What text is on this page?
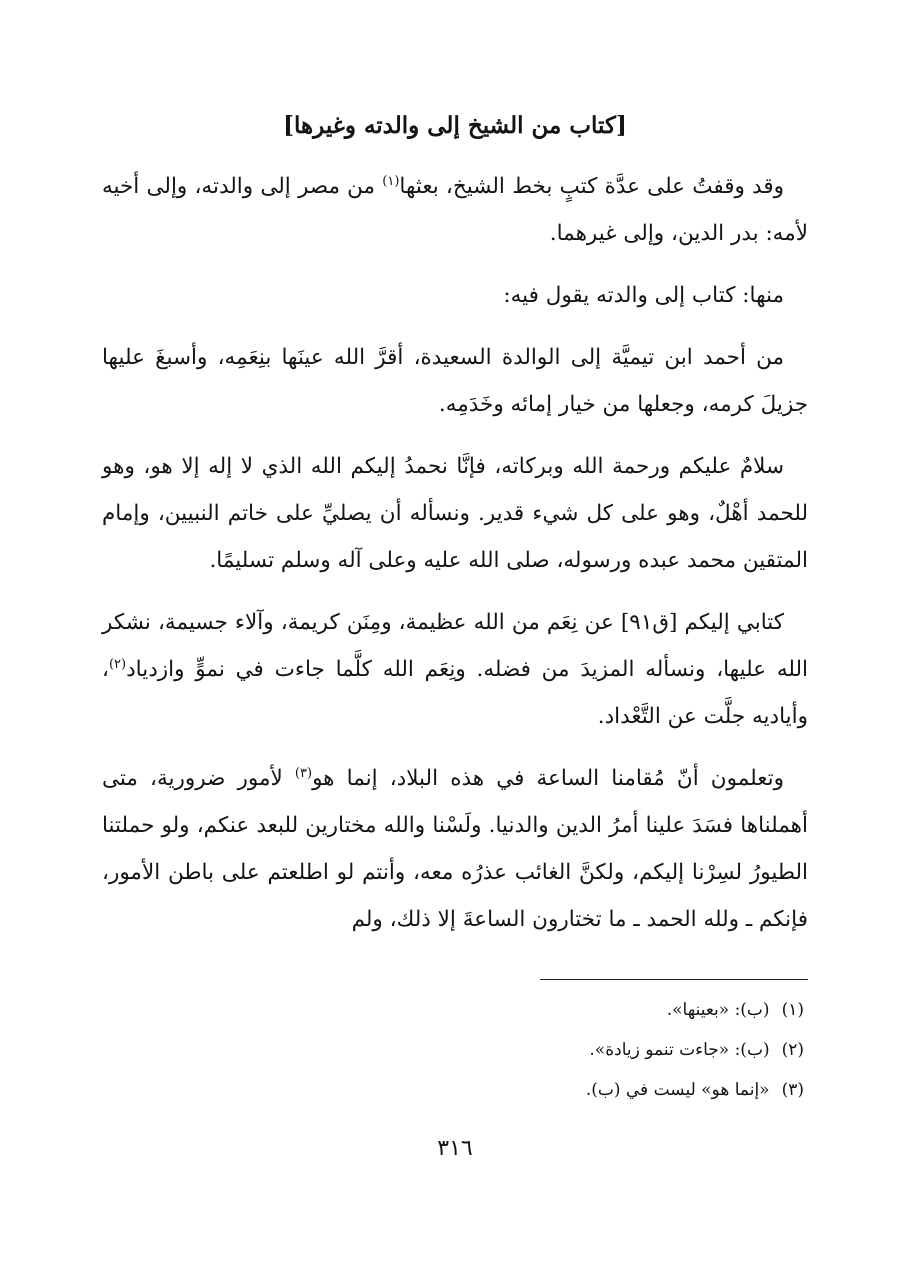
[كتاب من الشيخ إلى والدته وغيرها]

وقد وقفتُ على عدَّة كتبٍ بخط الشيخ، بعثها$^{(١)}$ من مصر إلى والدته، وإلى أخيه لأمه: بدر الدين، وإلى غيرهما.

منها: كتاب إلى والدته يقول فيه:

من أحمد ابن تيميَّة إلى الوالدة السعيدة، أقرَّ الله عينَها بنِعَمِه، وأسبغَ عليها جزيلَ كرمه، وجعلها من خيار إمائه وخَدَمِه.

سلامٌ عليكم ورحمة الله وبركاته، فإنَّا نحمدُ إليكم الله الذي لا إله إلا هو، وهو للحمد أهْلٌ، وهو على كل شيء قدير. ونسأله أن يصليِّ على خاتم النبيين، وإمام المتقين محمد عبده ورسوله، صلى الله عليه وعلى آله وسلم تسليمًا.

كتابي إليكم [ق٩١] عن نِعَم من الله عظيمة، ومِنَن كريمة، وآلاء جسيمة، نشكر الله عليها، ونسأله المزيدَ من فضله. ونِعَم الله كلَّما جاءت في نموٍّ وازدياد$^{(٢)}$، وأياديه جلَّت عن التَّعْداد.

وتعلمون أنّ مُقامنا الساعة في هذه البلاد، إنما هو$^{(٣)}$ لأمور ضرورية، متى أهملناها فسَدَ علينا أمرُ الدين والدنيا. ولَسْنا والله مختارين للبعد عنكم، ولو حملتنا الطيورُ لسِرْنا إليكم، ولكنَّ الغائب عذرُه معه، وأنتم لو اطلعتم على باطن الأمور، فإنكم ـ ولله الحمد ـ ما تختارون الساعةَ إلا ذلك، ولم

(١)(ب): «بعينها».
(٢)(ب): «جاءت تنمو زيادة».
(٣)«إنما هو» ليست في (ب).
٣١٦
